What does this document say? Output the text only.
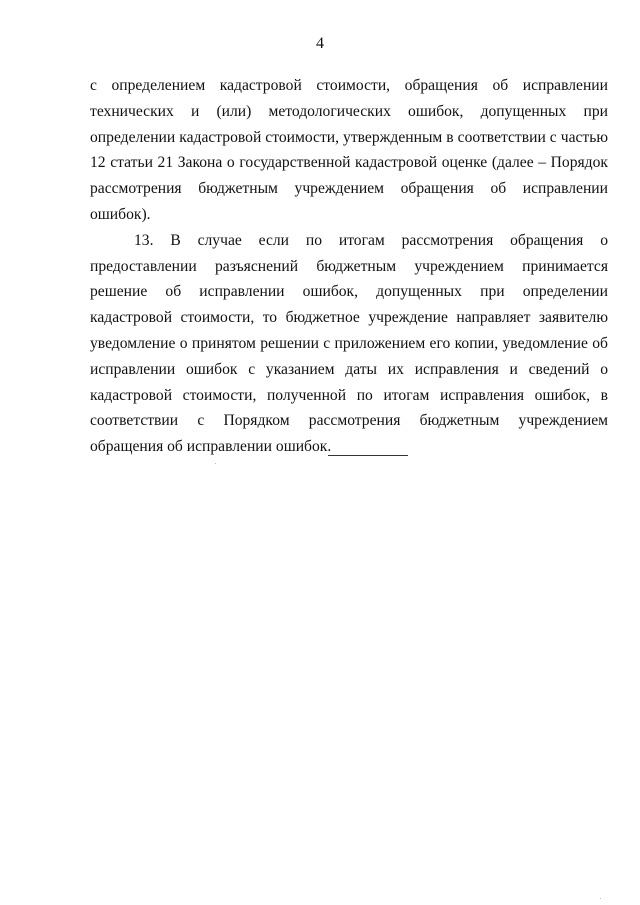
4

с определением кадастровой стоимости, обращения об исправлении технических и (или) методологических ошибок, допущенных при определении кадастровой стоимости, утвержденным в соответствии с частью 12 статьи 21 Закона о государственной кадастровой оценке (далее – Порядок рассмотрения бюджетным учреждением обращения об исправлении ошибок).

13. В случае если по итогам рассмотрения обращения о предоставлении разъяснений бюджетным учреждением принимается решение об исправлении ошибок, допущенных при определении кадастровой стоимости, то бюджетное учреждение направляет заявителю уведомление о принятом решении с приложением его копии, уведомление об исправлении ошибок с указанием даты их исправления и сведений о кадастровой стоимости, полученной по итогам исправления ошибок, в соответствии с Порядком рассмотрения бюджетным учреждением обращения об исправлении ошибок.
